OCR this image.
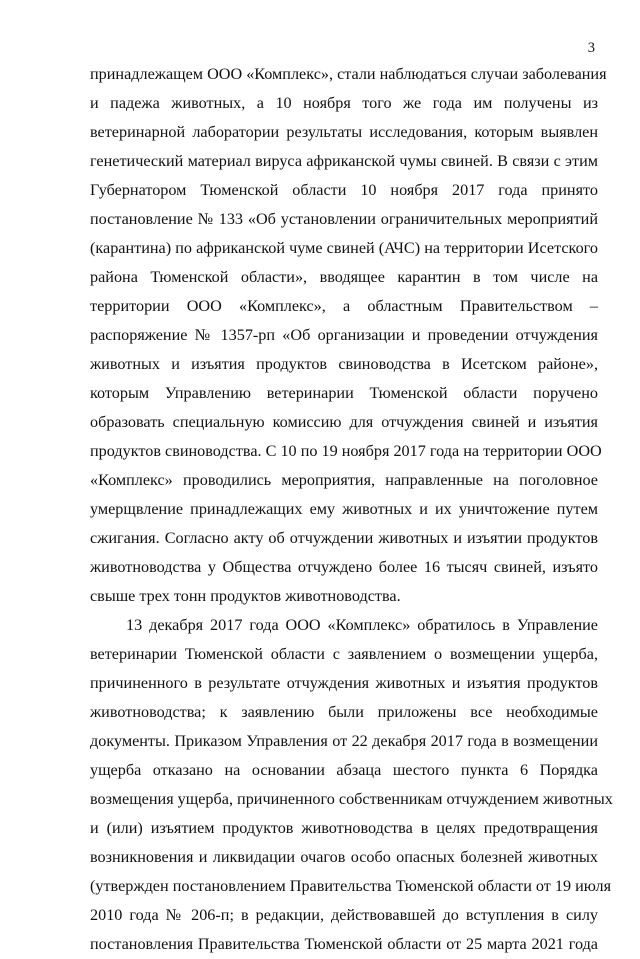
3
принадлежащем ООО «Комплекс», стали наблюдаться случаи заболевания
и падежа животных, а 10 ноября того же года им получены из
ветеринарной лаборатории результаты исследования, которым выявлен
генетический материал вируса африканской чумы свиней. В связи с этим
Губернатором Тюменской области 10 ноября 2017 года принято
постановление № 133 «Об установлении ограничительных мероприятий
(карантина) по африканской чуме свиней (АЧС) на территории Исетского
района Тюменской области», вводящее карантин в том числе на
территории ООО «Комплекс», а областным Правительством –
распоряжение № 1357-рп «Об организации и проведении отчуждения
животных и изъятия продуктов свиноводства в Исетском районе»,
которым Управлению ветеринарии Тюменской области поручено
образовать специальную комиссию для отчуждения свиней и изъятия
продуктов свиноводства. С 10 по 19 ноября 2017 года на территории ООО
«Комплекс» проводились мероприятия, направленные на поголовное
умерщвление принадлежащих ему животных и их уничтожение путем
сжигания. Согласно акту об отчуждении животных и изъятии продуктов
животноводства у Общества отчуждено более 16 тысяч свиней, изъято
свыше трех тонн продуктов животноводства.
13 декабря 2017 года ООО «Комплекс» обратилось в Управление
ветеринарии Тюменской области с заявлением о возмещении ущерба,
причиненного в результате отчуждения животных и изъятия продуктов
животноводства; к заявлению были приложены все необходимые
документы. Приказом Управления от 22 декабря 2017 года в возмещении
ущерба отказано на основании абзаца шестого пункта 6 Порядка
возмещения ущерба, причиненного собственникам отчуждением животных
и (или) изъятием продуктов животноводства в целях предотвращения
возникновения и ликвидации очагов особо опасных болезней животных
(утвержден постановлением Правительства Тюменской области от 19 июля
2010 года № 206-п; в редакции, действовавшей до вступления в силу
постановления Правительства Тюменской области от 25 марта 2021 года
